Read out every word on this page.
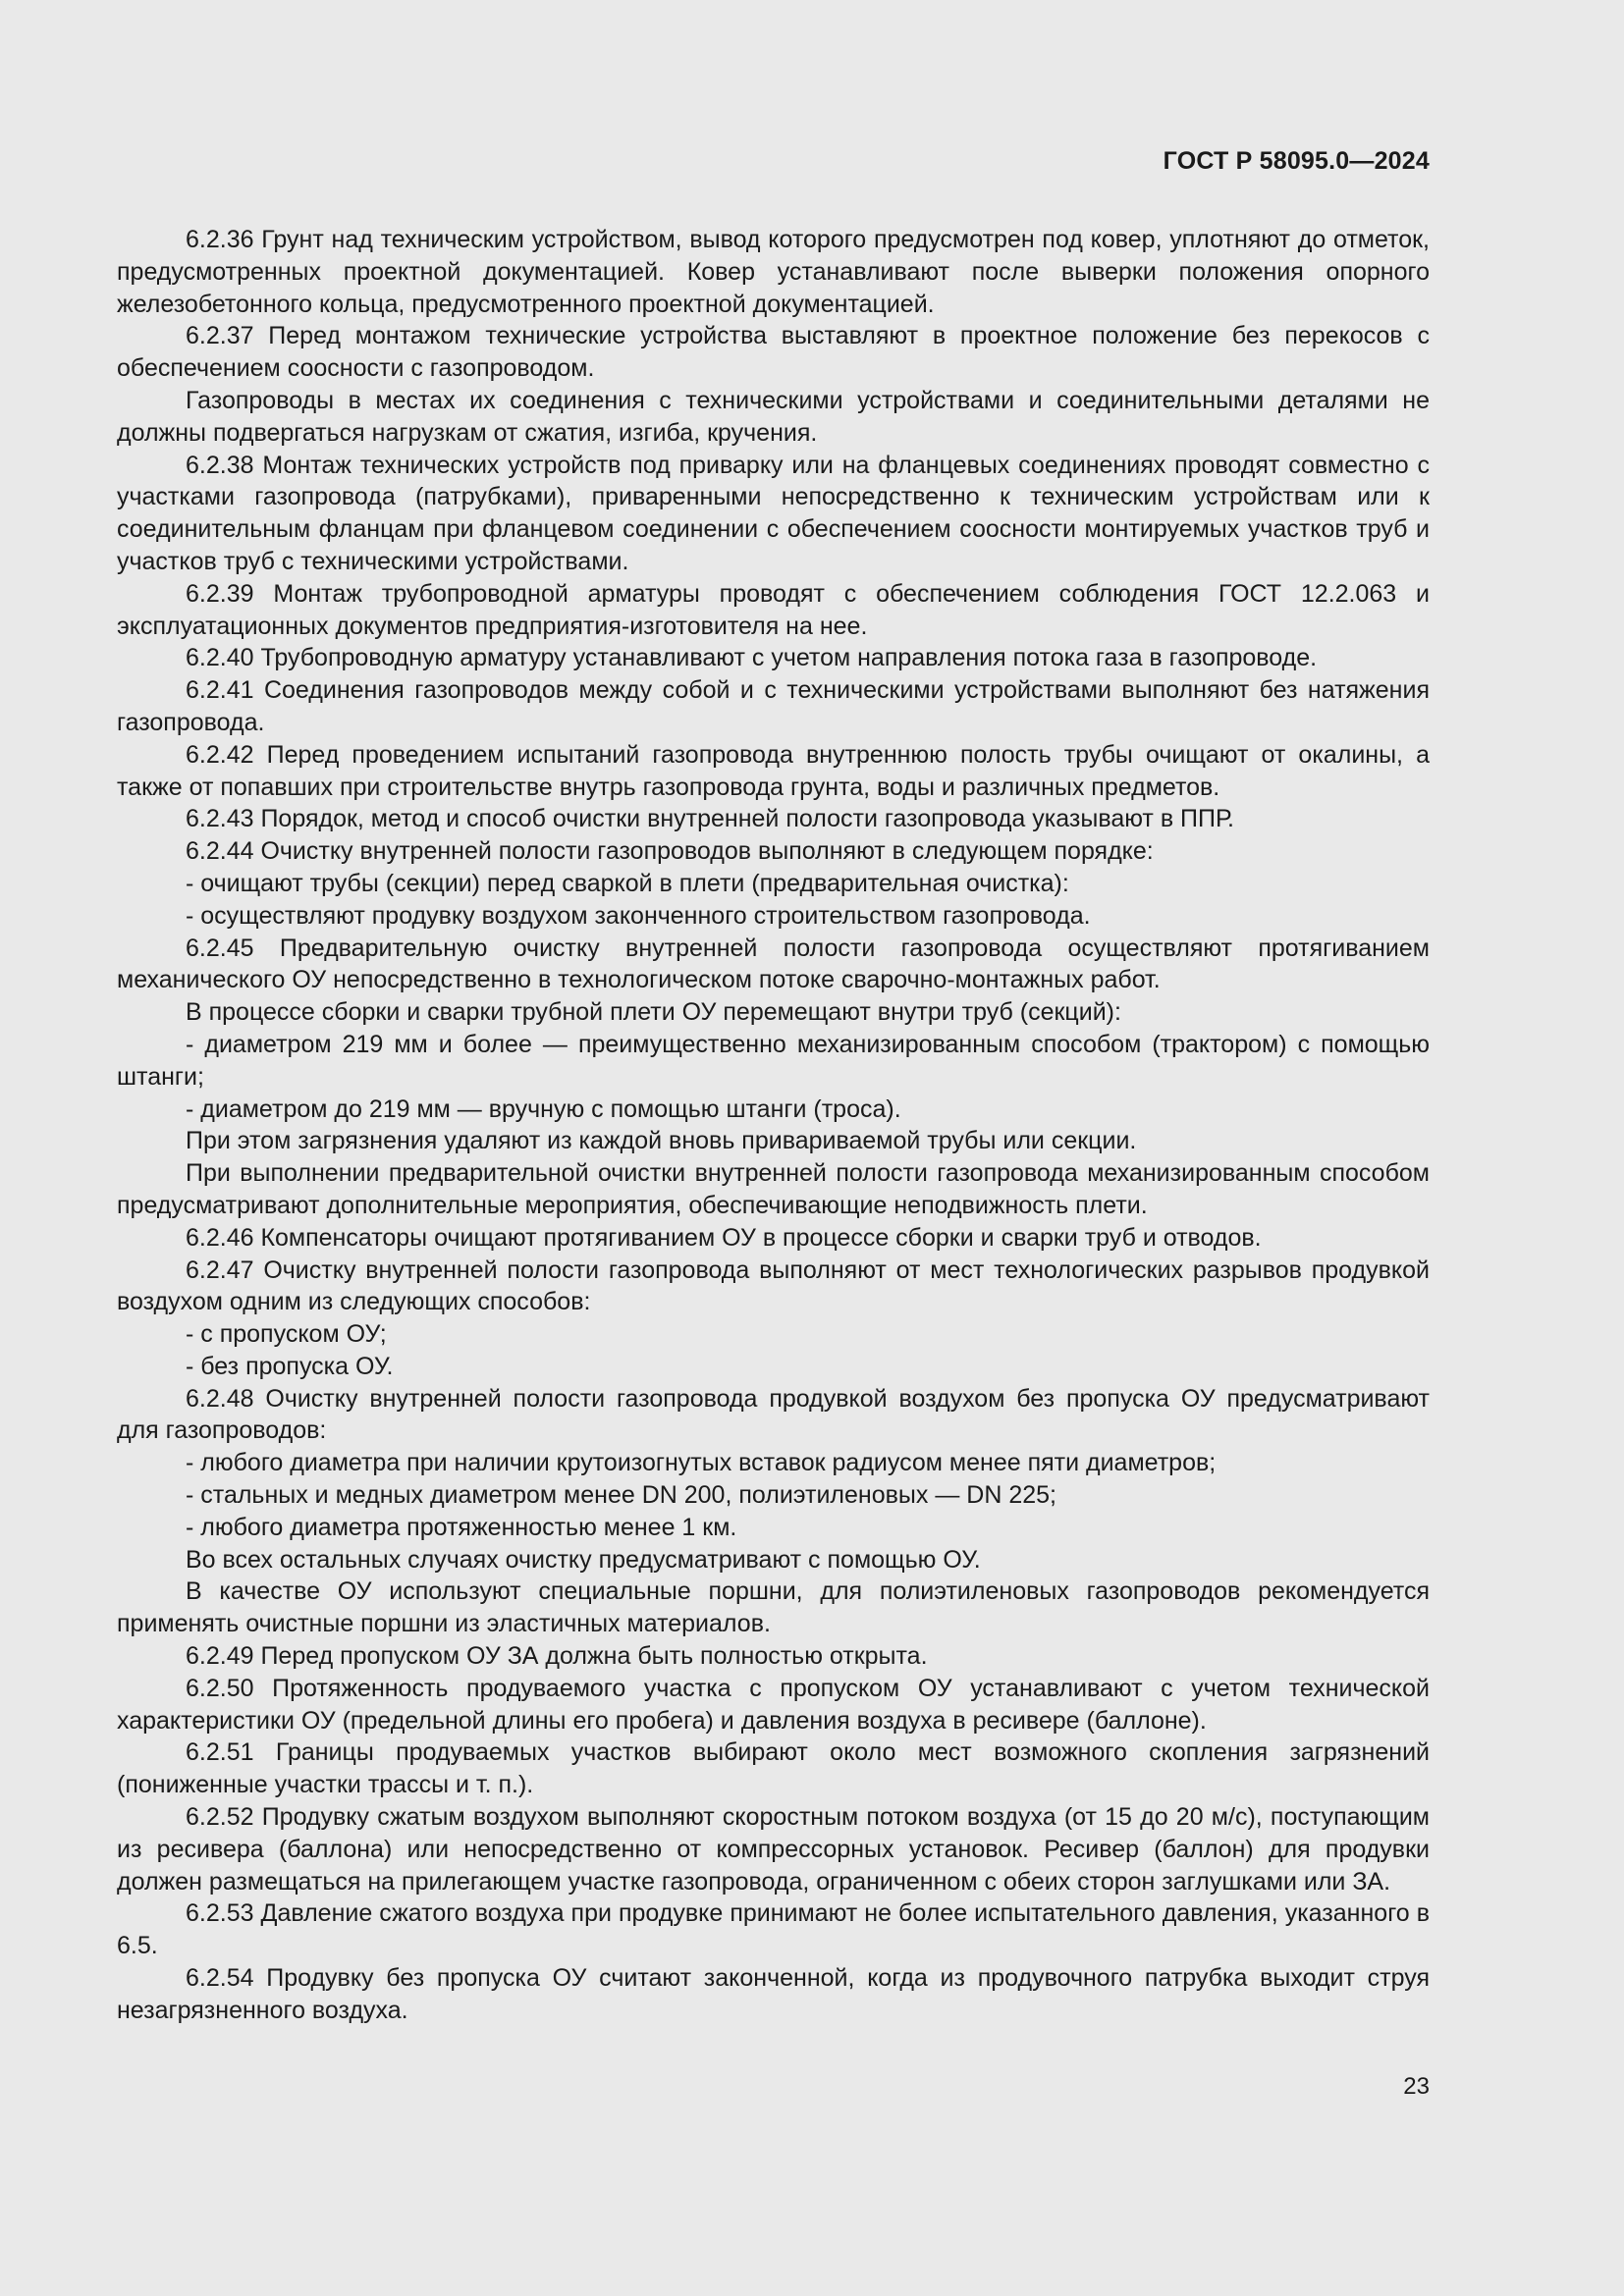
ГОСТ Р 58095.0—2024

6.2.36 Грунт над техническим устройством, вывод которого предусмотрен под ковер, уплотняют до отметок, предусмотренных проектной документацией. Ковер устанавливают после выверки положения опорного железобетонного кольца, предусмотренного проектной документацией.

6.2.37 Перед монтажом технические устройства выставляют в проектное положение без перекосов с обеспечением соосности с газопроводом.

Газопроводы в местах их соединения с техническими устройствами и соединительными деталями не должны подвергаться нагрузкам от сжатия, изгиба, кручения.

6.2.38 Монтаж технических устройств под приварку или на фланцевых соединениях проводят совместно с участками газопровода (патрубками), приваренными непосредственно к техническим устройствам или к соединительным фланцам при фланцевом соединении с обеспечением соосности монтируемых участков труб и участков труб с техническими устройствами.

6.2.39 Монтаж трубопроводной арматуры проводят с обеспечением соблюдения ГОСТ 12.2.063 и эксплуатационных документов предприятия-изготовителя на нее.

6.2.40 Трубопроводную арматуру устанавливают с учетом направления потока газа в газопроводе.

6.2.41 Соединения газопроводов между собой и с техническими устройствами выполняют без натяжения газопровода.

6.2.42 Перед проведением испытаний газопровода внутреннюю полость трубы очищают от окалины, а также от попавших при строительстве внутрь газопровода грунта, воды и различных предметов.

6.2.43 Порядок, метод и способ очистки внутренней полости газопровода указывают в ППР.

6.2.44 Очистку внутренней полости газопроводов выполняют в следующем порядке:

- очищают трубы (секции) перед сваркой в плети (предварительная очистка):

- осуществляют продувку воздухом законченного строительством газопровода.

6.2.45 Предварительную очистку внутренней полости газопровода осуществляют протягиванием механического ОУ непосредственно в технологическом потоке сварочно-монтажных работ.

В процессе сборки и сварки трубной плети ОУ перемещают внутри труб (секций):

- диаметром 219 мм и более — преимущественно механизированным способом (трактором) с помощью штанги;

- диаметром до 219 мм — вручную с помощью штанги (троса).

При этом загрязнения удаляют из каждой вновь привариваемой трубы или секции.

При выполнении предварительной очистки внутренней полости газопровода механизированным способом предусматривают дополнительные мероприятия, обеспечивающие неподвижность плети.

6.2.46 Компенсаторы очищают протягиванием ОУ в процессе сборки и сварки труб и отводов.

6.2.47 Очистку внутренней полости газопровода выполняют от мест технологических разрывов продувкой воздухом одним из следующих способов:

- с пропуском ОУ;

- без пропуска ОУ.

6.2.48 Очистку внутренней полости газопровода продувкой воздухом без пропуска ОУ предусматривают для газопроводов:

- любого диаметра при наличии крутоизогнутых вставок радиусом менее пяти диаметров;

- стальных и медных диаметром менее DN 200, полиэтиленовых — DN 225;

- любого диаметра протяженностью менее 1 км.

Во всех остальных случаях очистку предусматривают с помощью ОУ.

В качестве ОУ используют специальные поршни, для полиэтиленовых газопроводов рекомендуется применять очистные поршни из эластичных материалов.

6.2.49 Перед пропуском ОУ ЗА должна быть полностью открыта.

6.2.50 Протяженность продуваемого участка с пропуском ОУ устанавливают с учетом технической характеристики ОУ (предельной длины его пробега) и давления воздуха в ресивере (баллоне).

6.2.51 Границы продуваемых участков выбирают около мест возможного скопления загрязнений (пониженные участки трассы и т. п.).

6.2.52 Продувку сжатым воздухом выполняют скоростным потоком воздуха (от 15 до 20 м/с), поступающим из ресивера (баллона) или непосредственно от компрессорных установок. Ресивер (баллон) для продувки должен размещаться на прилегающем участке газопровода, ограниченном с обеих сторон заглушками или ЗА.

6.2.53 Давление сжатого воздуха при продувке принимают не более испытательного давления, указанного в 6.5.

6.2.54 Продувку без пропуска ОУ считают законченной, когда из продувочного патрубка выходит струя незагрязненного воздуха.

23
